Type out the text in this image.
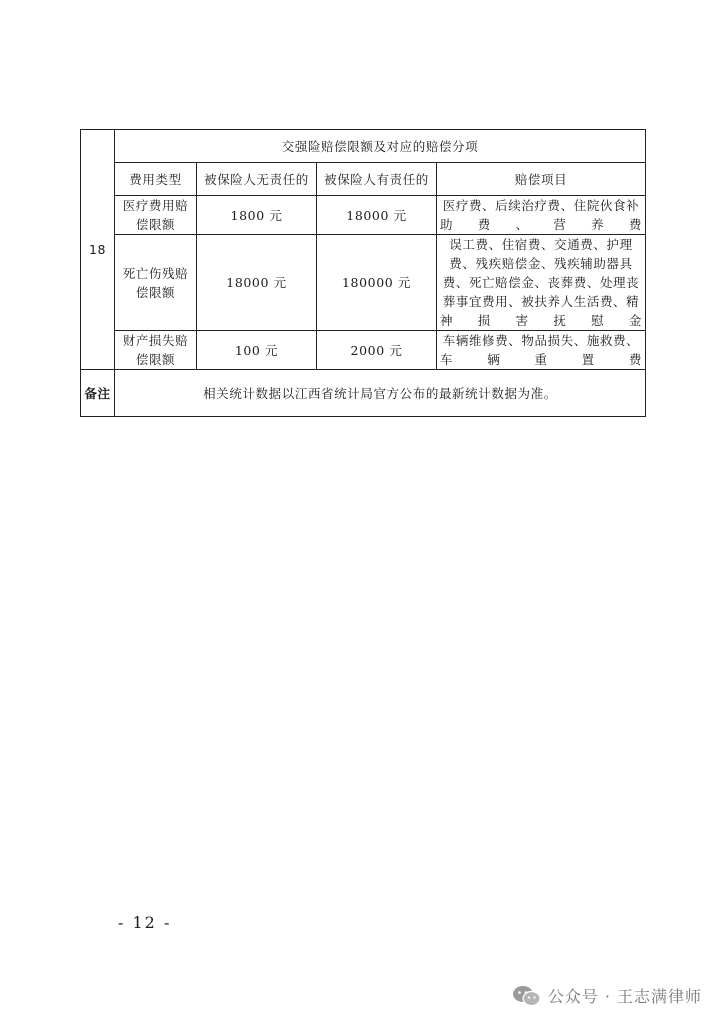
18	交强险赔偿限额及对应的赔偿分项			
	费用类型	被保险人无责任的	被保险人有责任的	赔偿项目
	医疗费用赔偿限额	1800 元	18000 元	医疗费、后续治疗费、住院伙食补助费、营养费
	死亡伤残赔偿限额	18000 元	180000 元	误工费、住宿费、交通费、护理费、残疾赔偿金、残疾辅助器具费、死亡赔偿金、丧葬费、处理丧葬事宜费用、被扶养人生活费、精神损害抚慰金
	财产损失赔偿限额	100 元	2000 元	车辆维修费、物品损失、施救费、车辆重置费
备注	相关统计数据以江西省统计局官方公布的最新统计数据为准。			
- 12 -
公众号 · 王志满律师
